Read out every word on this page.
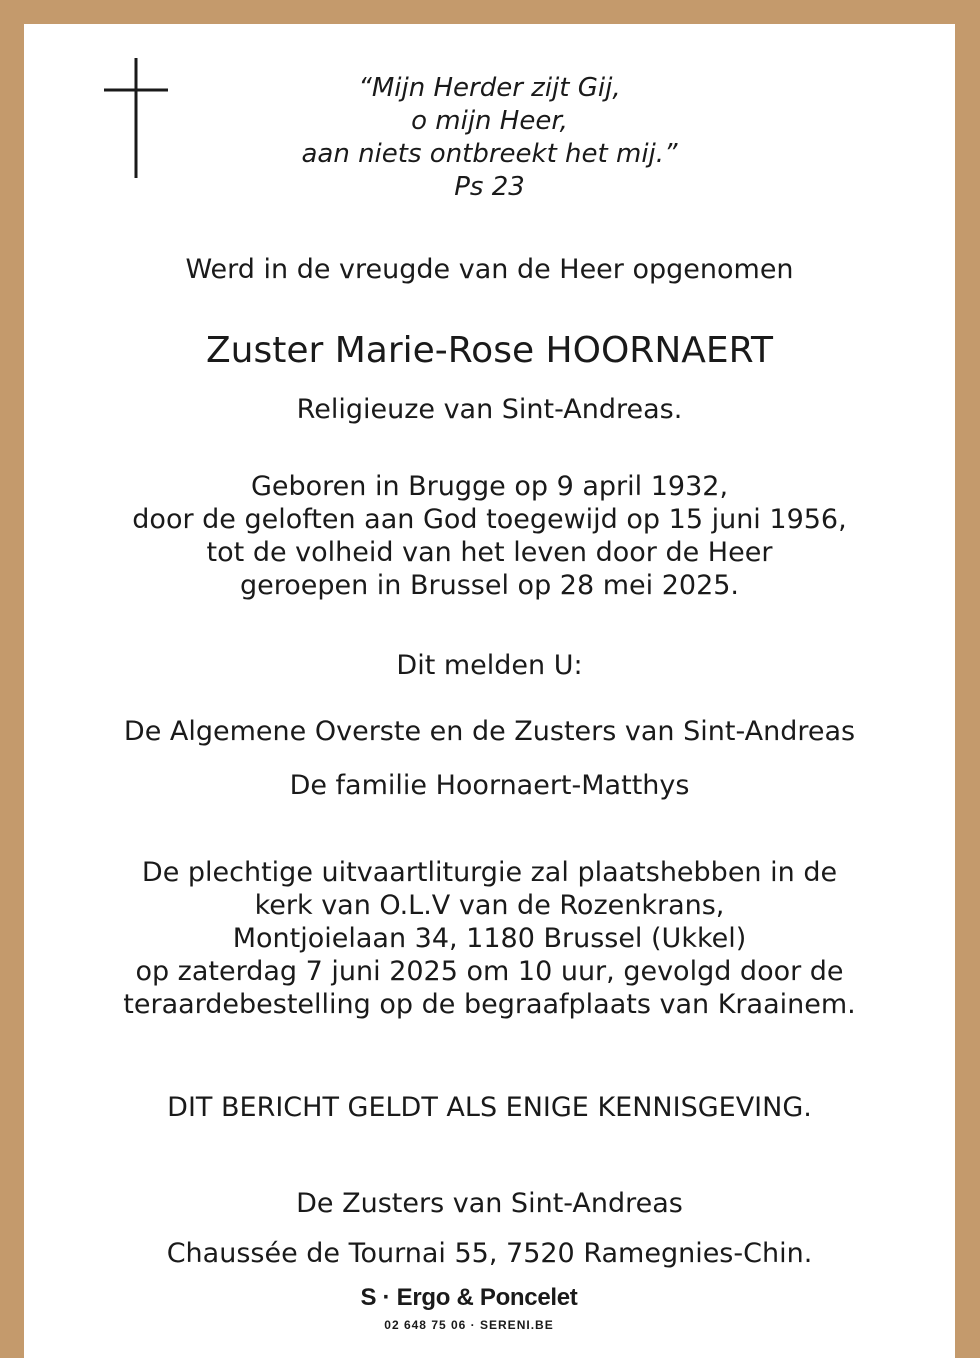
“Mijn Herder zijt Gij,
o mijn Heer,
aan niets ontbreekt het mij.”
Ps 23

Werd in de vreugde van de Heer opgenomen

Zuster Marie-Rose HOORNAERT

Religieuze van Sint-Andreas.

Geboren in Brugge op 9 april 1932,
door de geloften aan God toegewijd op 15 juni 1956,
tot de volheid van het leven door de Heer
geroepen in Brussel op 28 mei 2025.

Dit melden U:

De Algemene Overste en de Zusters van Sint-Andreas

De familie Hoornaert-Matthys

De plechtige uitvaartliturgie zal plaatshebben in de
kerk van O.L.V van de Rozenkrans,
Montjoielaan 34, 1180 Brussel (Ukkel)
op zaterdag 7 juni 2025 om 10 uur, gevolgd door de
teraardebestelling op de begraafplaats van Kraainem.

DIT BERICHT GELDT ALS ENIGE KENNISGEVING.

De Zusters van Sint-Andreas

Chaussée de Tournai 55, 7520 Ramegnies-Chin.

S · Ergo & Poncelet
02 648 75 06 · SERENI.BE
